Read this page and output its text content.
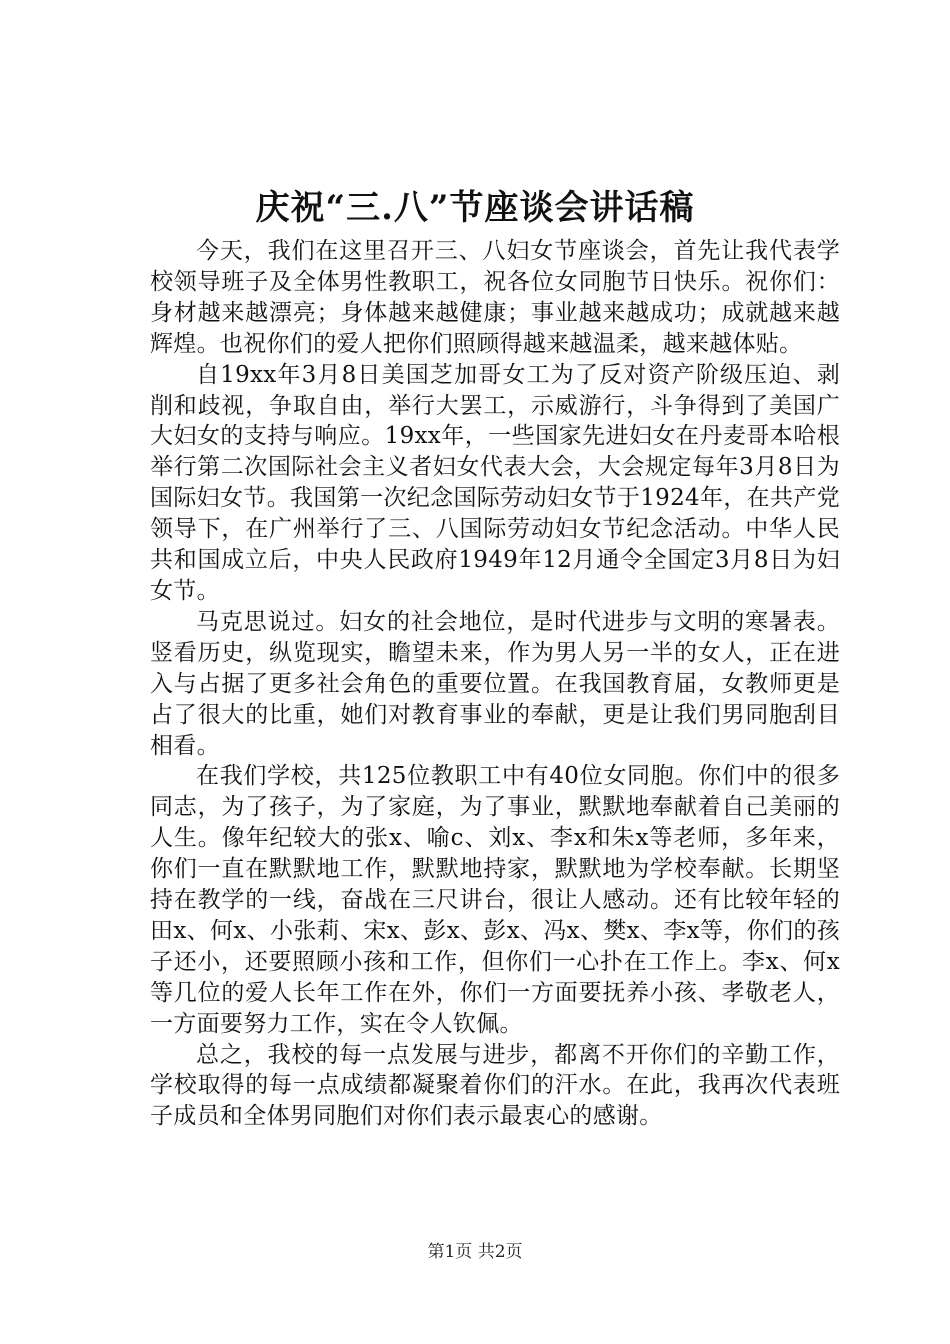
庆祝“三.八”节座谈会讲话稿

今天，我们在这里召开三、八妇女节座谈会，首先让我代表学校领导班子及全体男性教职工，祝各位女同胞节日快乐。祝你们：身材越来越漂亮；身体越来越健康；事业越来越成功；成就越来越辉煌。也祝你们的爱人把你们照顾得越来越温柔，越来越体贴。

自19xx年3月8日美国芝加哥女工为了反对资产阶级压迫、剥削和歧视，争取自由，举行大罢工，示威游行，斗争得到了美国广大妇女的支持与响应。19xx年，一些国家先进妇女在丹麦哥本哈根举行第二次国际社会主义者妇女代表大会，大会规定每年3月8日为国际妇女节。我国第一次纪念国际劳动妇女节于1924年，在共产党领导下，在广州举行了三、八国际劳动妇女节纪念活动。中华人民共和国成立后，中央人民政府1949年12月通令全国定3月8日为妇女节。

马克思说过。妇女的社会地位，是时代进步与文明的寒暑表。竖看历史，纵览现实，瞻望未来，作为男人另一半的女人，正在进入与占据了更多社会角色的重要位置。在我国教育届，女教师更是占了很大的比重，她们对教育事业的奉献，更是让我们男同胞刮目相看。

在我们学校，共125位教职工中有40位女同胞。你们中的很多同志，为了孩子，为了家庭，为了事业，默默地奉献着自己美丽的人生。像年纪较大的张x、喻c、刘x、李x和朱x等老师，多年来，你们一直在默默地工作，默默地持家，默默地为学校奉献。长期坚持在教学的一线，奋战在三尺讲台，很让人感动。还有比较年轻的田x、何x、小张莉、宋x、彭x、彭x、冯x、樊x、李x等，你们的孩子还小，还要照顾小孩和工作，但你们一心扑在工作上。李x、何x等几位的爱人长年工作在外，你们一方面要抚养小孩、孝敬老人，一方面要努力工作，实在令人钦佩。

总之，我校的每一点发展与进步，都离不开你们的辛勤工作，学校取得的每一点成绩都凝聚着你们的汗水。在此，我再次代表班子成员和全体男同胞们对你们表示最衷心的感谢。

第1页 共2页
